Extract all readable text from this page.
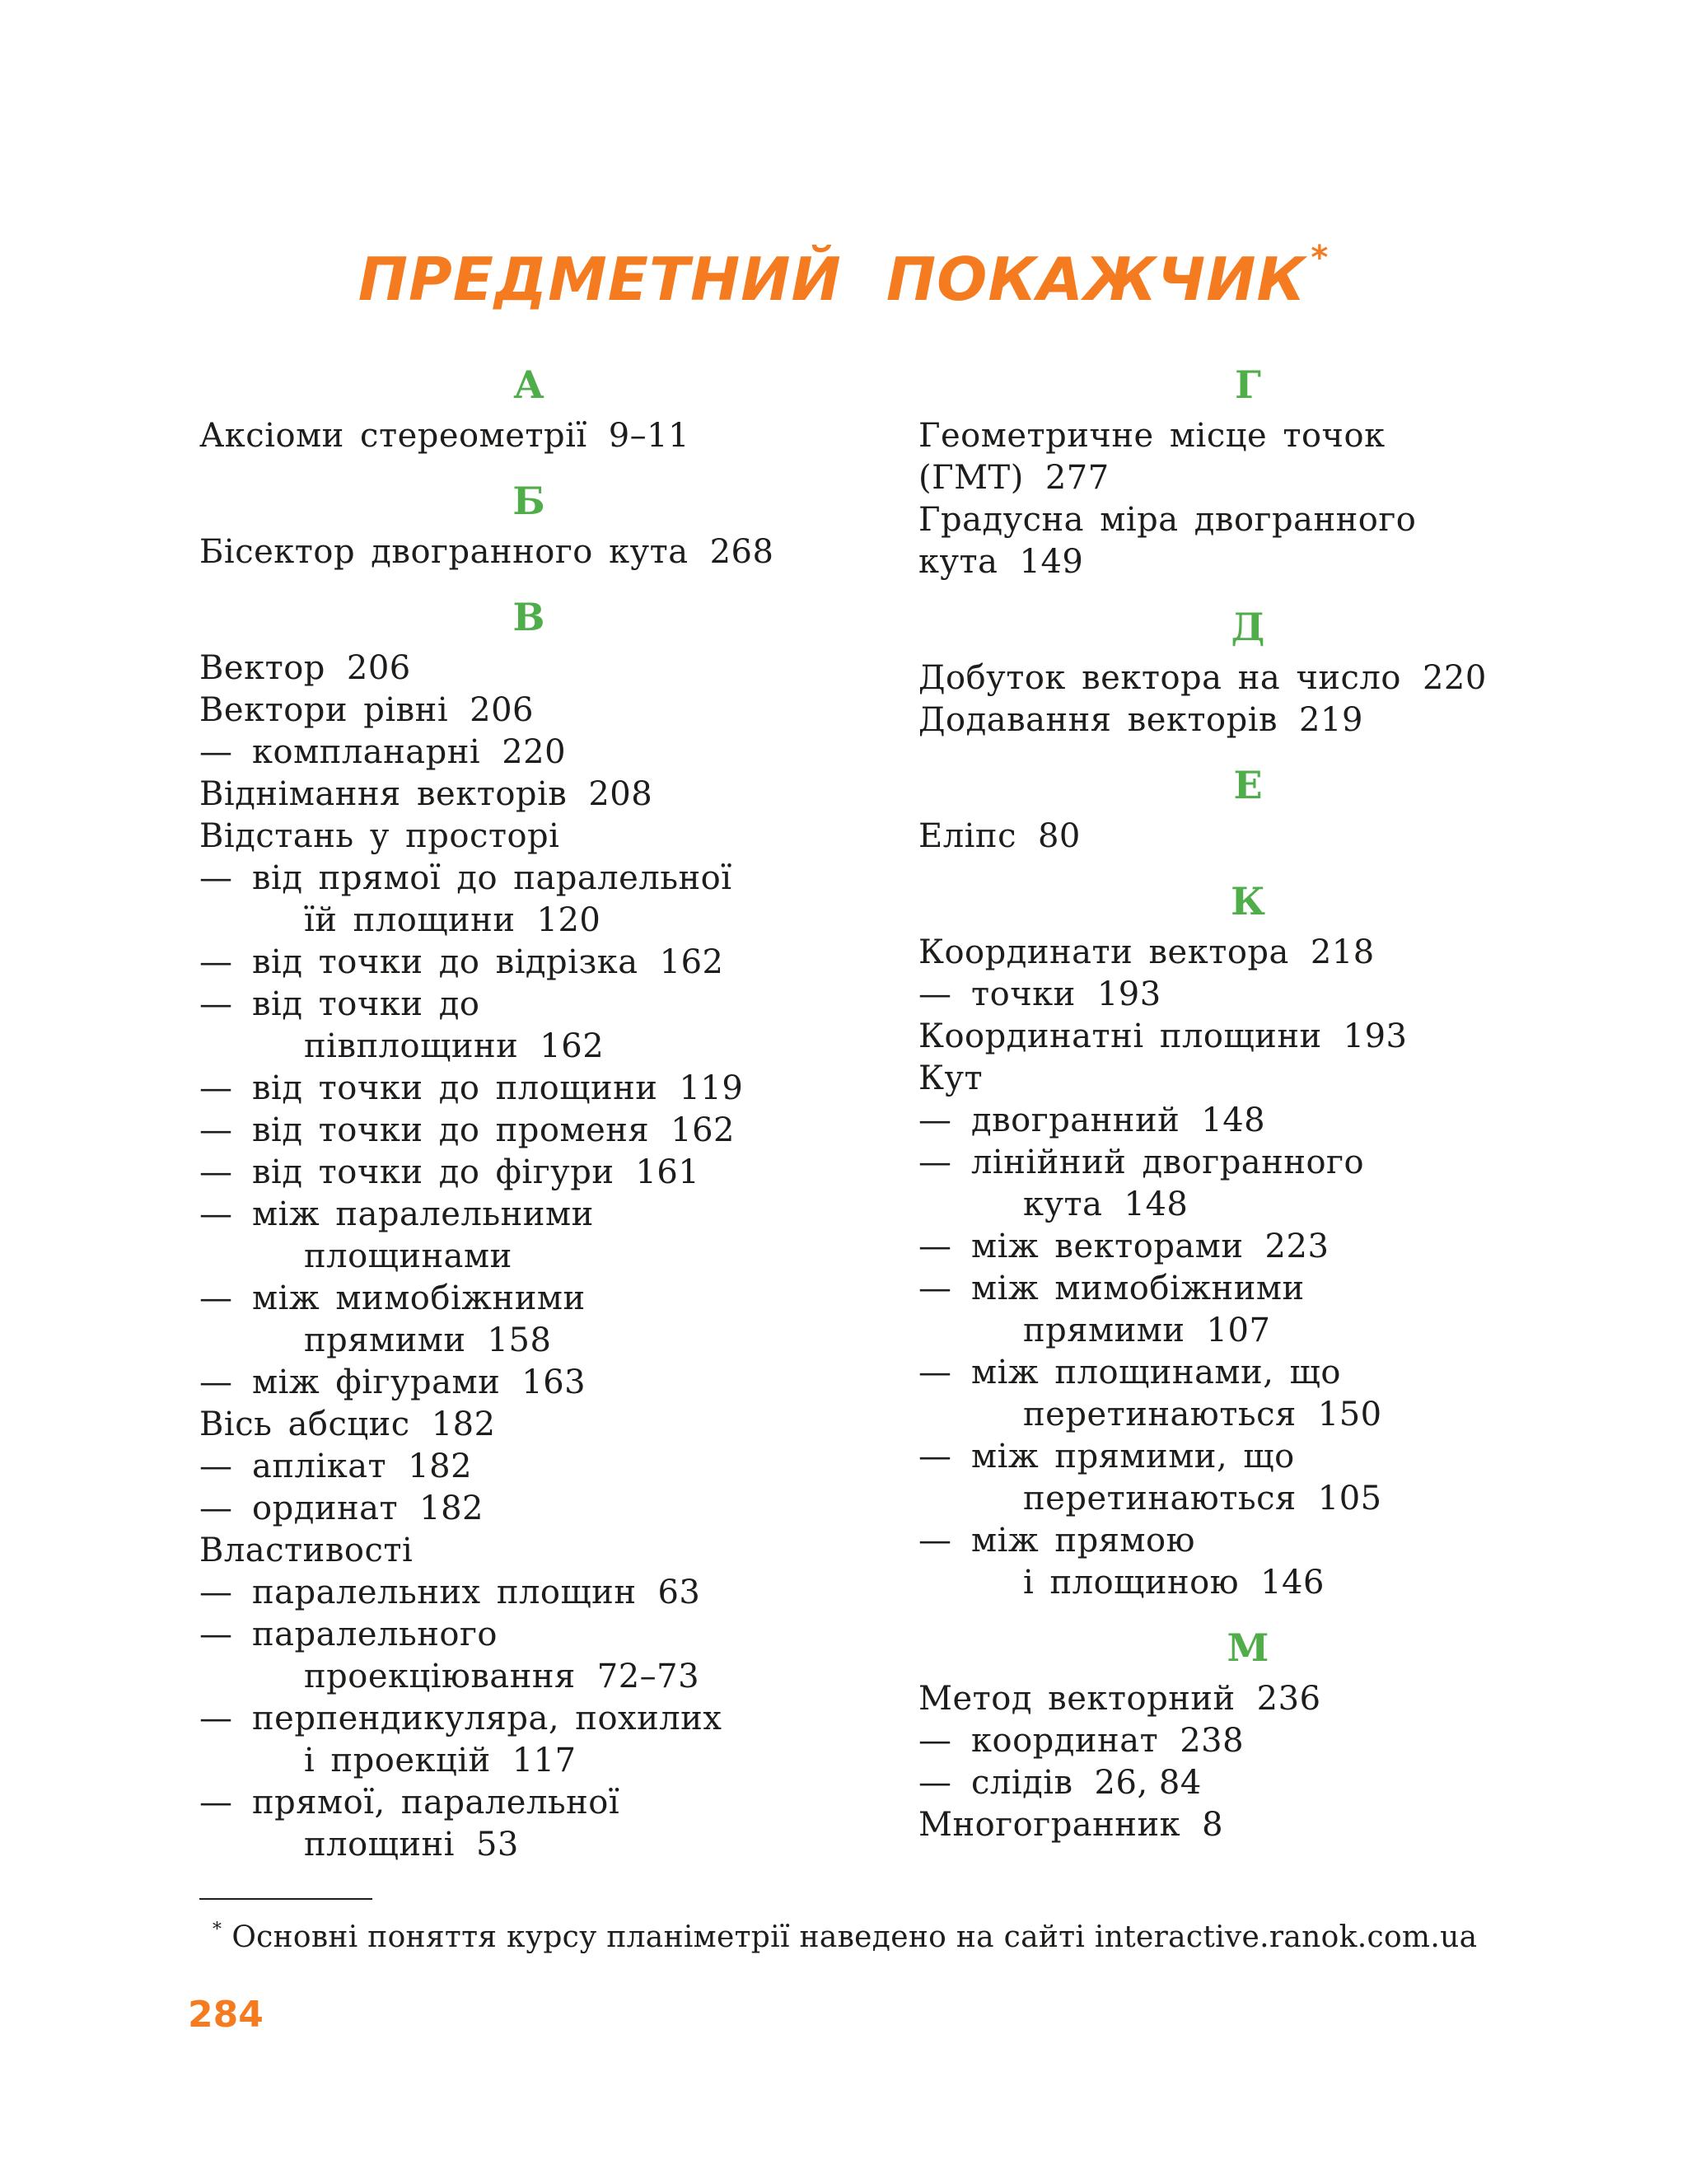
ПРЕДМЕТНИЙ ПОКАЖЧИК *
А
Аксіоми стереометрії 9–11
Б
Бісектор двогранного кута 268
В
Вектор 206
Вектори рівні 206
— компланарні 220
Віднімання векторів 208
Відстань у просторі
— від прямої до паралельної
їй площини 120
— від точки до відрізка 162
— від точки до
півплощини 162
— від точки до площини 119
— від точки до променя 162
— від точки до фігури 161
— між паралельними
площинами
— між мимобіжними
прямими 158
— між фігурами 163
Вісь абсцис 182
— аплікат 182
— ординат 182
Властивості
— паралельних площин 63
— паралельного
проекціювання 72–73
— перпендикуляра, похилих
і проекцій 117
— прямої, паралельної
площині 53
Г
Геометричне місце точок
(ГМТ) 277
Градусна міра двогранного
кута 149
Д
Добуток вектора на число 220
Додавання векторів 219
Е
Еліпс 80
К
Координати вектора 218
— точки 193
Координатні площини 193
Кут
— двогранний 148
— лінійний двогранного
кута 148
— між векторами 223
— між мимобіжними
прямими 107
— між площинами, що
перетинаються 150
— між прямими, що
перетинаються 105
— між прямою
і площиною 146
М
Метод векторний 236
— координат 238
— слідів 26, 84
Многогранник 8
* Основні поняття курсу планіметрії наведено на сайті interactive.ranok.com.ua
284
